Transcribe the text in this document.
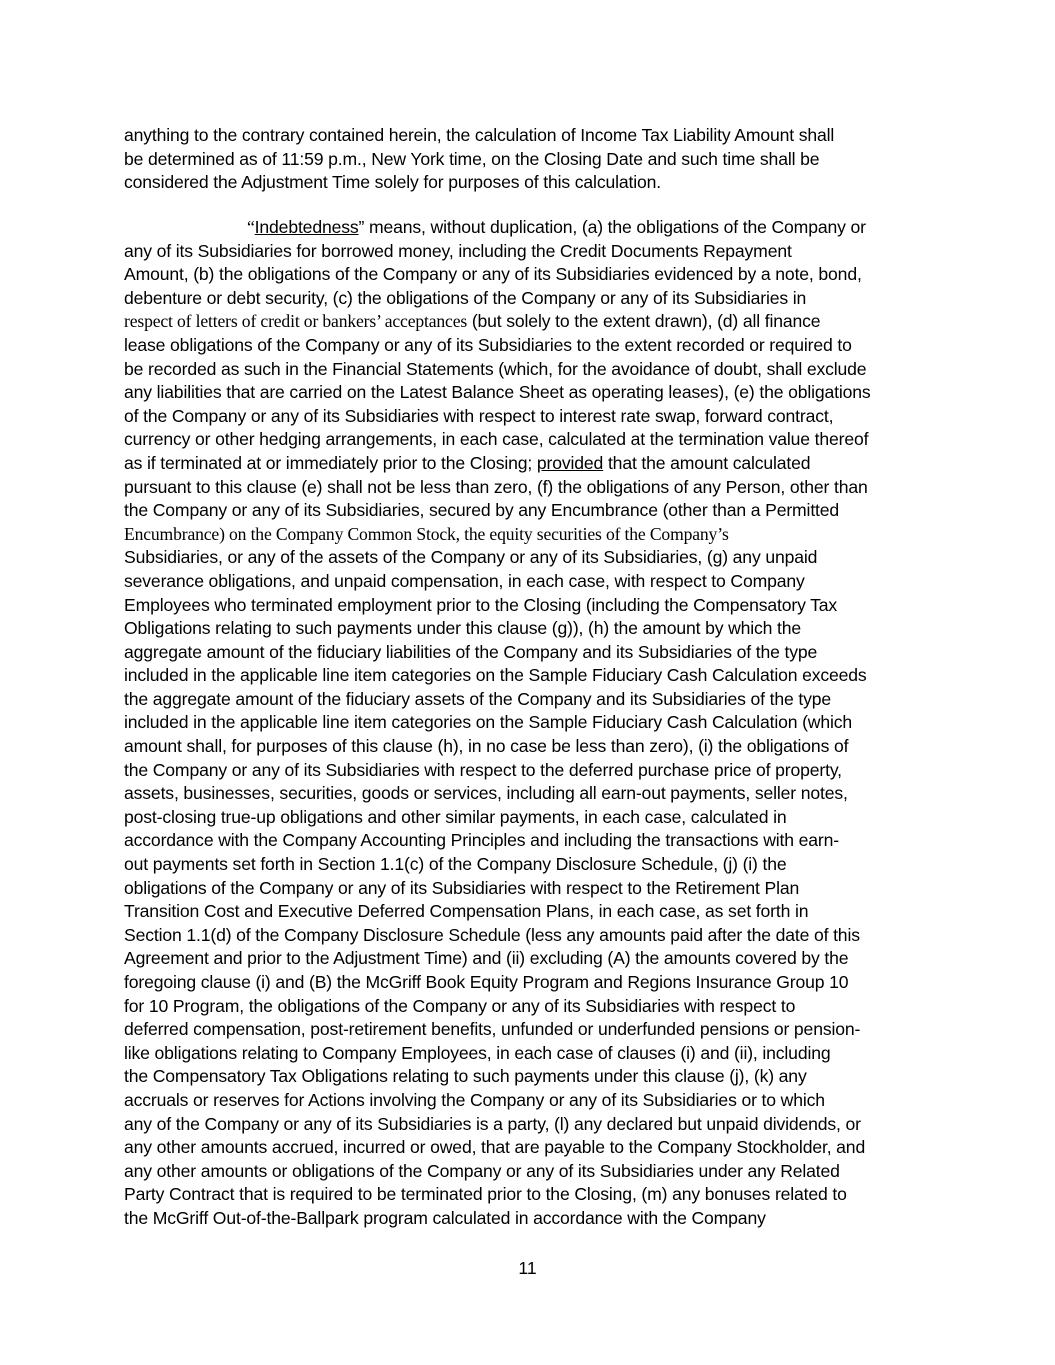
anything to the contrary contained herein, the calculation of Income Tax Liability Amount shall
be determined as of 11:59 p.m., New York time, on the Closing Date and such time shall be
considered the Adjustment Time solely for purposes of this calculation.
“Indebtedness” means, without duplication, (a) the obligations of the Company or
any of its Subsidiaries for borrowed money, including the Credit Documents Repayment
Amount, (b) the obligations of the Company or any of its Subsidiaries evidenced by a note, bond,
debenture or debt security, (c) the obligations of the Company or any of its Subsidiaries in
respect of letters of credit or bankers’ acceptances (but solely to the extent drawn), (d) all finance
lease obligations of the Company or any of its Subsidiaries to the extent recorded or required to
be recorded as such in the Financial Statements (which, for the avoidance of doubt, shall exclude
any liabilities that are carried on the Latest Balance Sheet as operating leases), (e) the obligations
of the Company or any of its Subsidiaries with respect to interest rate swap, forward contract,
currency or other hedging arrangements, in each case, calculated at the termination value thereof
as if terminated at or immediately prior to the Closing; provided that the amount calculated
pursuant to this clause (e) shall not be less than zero, (f) the obligations of any Person, other than
the Company or any of its Subsidiaries, secured by any Encumbrance (other than a Permitted
Encumbrance) on the Company Common Stock, the equity securities of the Company’s
Subsidiaries, or any of the assets of the Company or any of its Subsidiaries, (g) any unpaid
severance obligations, and unpaid compensation, in each case, with respect to Company
Employees who terminated employment prior to the Closing (including the Compensatory Tax
Obligations relating to such payments under this clause (g)), (h) the amount by which the
aggregate amount of the fiduciary liabilities of the Company and its Subsidiaries of the type
included in the applicable line item categories on the Sample Fiduciary Cash Calculation exceeds
the aggregate amount of the fiduciary assets of the Company and its Subsidiaries of the type
included in the applicable line item categories on the Sample Fiduciary Cash Calculation (which
amount shall, for purposes of this clause (h), in no case be less than zero), (i) the obligations of
the Company or any of its Subsidiaries with respect to the deferred purchase price of property,
assets, businesses, securities, goods or services, including all earn-out payments, seller notes,
post-closing true-up obligations and other similar payments, in each case, calculated in
accordance with the Company Accounting Principles and including the transactions with earn-
out payments set forth in Section 1.1(c) of the Company Disclosure Schedule, (j) (i) the
obligations of the Company or any of its Subsidiaries with respect to the Retirement Plan
Transition Cost and Executive Deferred Compensation Plans, in each case, as set forth in
Section 1.1(d) of the Company Disclosure Schedule (less any amounts paid after the date of this
Agreement and prior to the Adjustment Time) and (ii) excluding (A) the amounts covered by the
foregoing clause (i) and (B) the McGriff Book Equity Program and Regions Insurance Group 10
for 10 Program, the obligations of the Company or any of its Subsidiaries with respect to
deferred compensation, post-retirement benefits, unfunded or underfunded pensions or pension-
like obligations relating to Company Employees, in each case of clauses (i) and (ii), including
the Compensatory Tax Obligations relating to such payments under this clause (j), (k) any
accruals or reserves for Actions involving the Company or any of its Subsidiaries or to which
any of the Company or any of its Subsidiaries is a party, (l) any declared but unpaid dividends, or
any other amounts accrued, incurred or owed, that are payable to the Company Stockholder, and
any other amounts or obligations of the Company or any of its Subsidiaries under any Related
Party Contract that is required to be terminated prior to the Closing, (m) any bonuses related to
the McGriff Out-of-the-Ballpark program calculated in accordance with the Company
11
